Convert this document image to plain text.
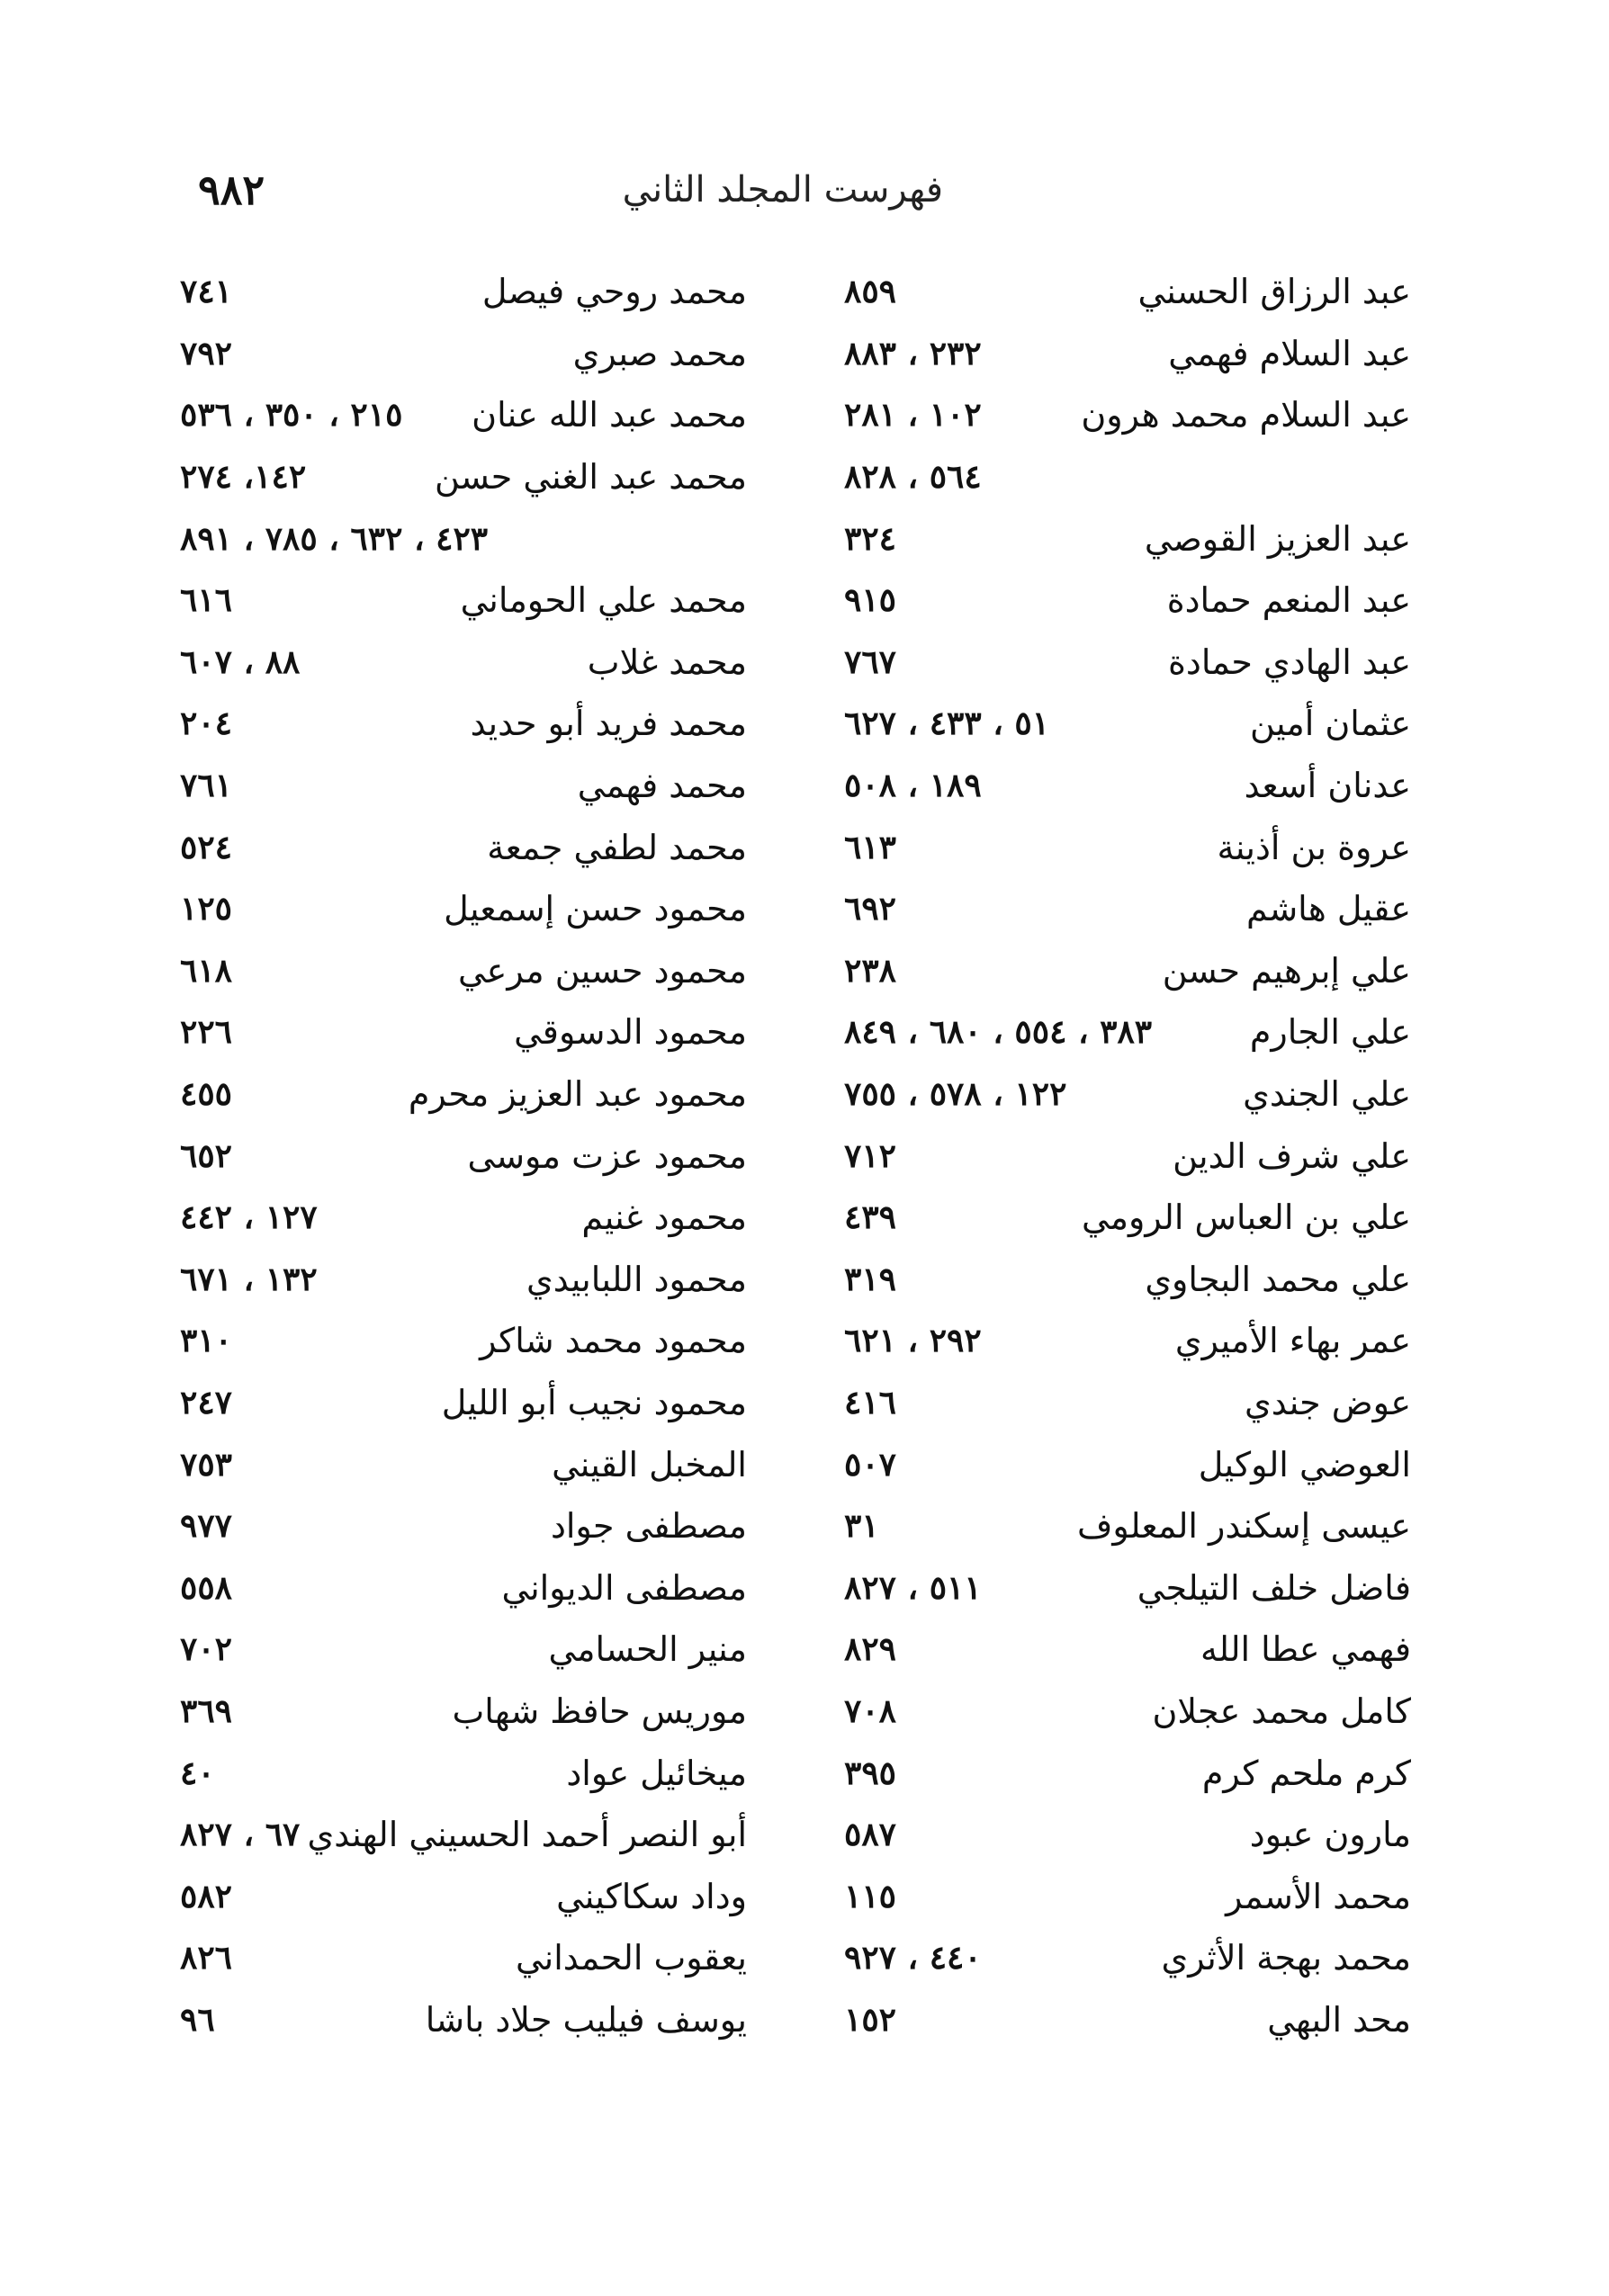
فهرست المجلد الثاني
٩٨٢
عبد الرزاق الحسني
٨٥٩
عبد السلام فهمي
٢٣٢ ، ٨٨٣
عبد السلام محمد هرون
١٠٢ ، ٢٨١
٥٦٤ ، ٨٢٨
عبد العزيز القوصي
٣٢٤
عبد المنعم حمادة
٩١٥
عبد الهادي حمادة
٧٦٧
عثمان أمين
٥١ ، ٤٣٣ ، ٦٢٧
عدنان أسعد
١٨٩ ، ٥٠٨
عروة بن أذينة
٦١٣
عقيل هاشم
٦٩٢
علي إبرهيم حسن
٢٣٨
علي الجارم
٣٨٣ ، ٥٥٤ ، ٦٨٠ ، ٨٤٩
علي الجندي
١٢٢ ، ٥٧٨ ، ٧٥٥
علي شرف الدين
٧١٢
علي بن العباس الرومي
٤٣٩
علي محمد البجاوي
٣١٩
عمر بهاء الأميري
٢٩٢ ، ٦٢١
عوض جندي
٤١٦
العوضي الوكيل
٥٠٧
عيسى إسكندر المعلوف
٣١
فاضل خلف التيلجي
٥١١ ، ٨٢٧
فهمي عطا الله
٨٢٩
كامل محمد عجلان
٧٠٨
كرم ملحم كرم
٣٩٥
مارون عبود
٥٨٧
محمد الأسمر
١١٥
محمد بهجة الأثري
٤٤٠ ، ٩٢٧
محد البهي
١٥٢
محمد روحي فيصل
٧٤١
محمد صبري
٧٩٢
محمد عبد الله عنان
٢١٥ ، ٣٥٠ ، ٥٣٦
محمد عبد الغني حسن
١٤٢، ٢٧٤
٤٢٣ ، ٦٣٢ ، ٧٨٥ ، ٨٩١
محمد علي الحوماني
٦١٦
محمد غلاب
٨٨ ، ٦٠٧
محمد فريد أبو حديد
٢٠٤
محمد فهمي
٧٦١
محمد لطفي جمعة
٥٢٤
محمود حسن إسمعيل
١٢٥
محمود حسين مرعي
٦١٨
محمود الدسوقي
٢٢٦
محمود عبد العزيز محرم
٤٥٥
محمود عزت موسى
٦٥٢
محمود غنيم
١٢٧ ، ٤٤٢
محمود اللبابيدي
١٣٢ ، ٦٧١
محمود محمد شاكر
٣١٠
محمود نجيب أبو الليل
٢٤٧
المخبل القيني
٧٥٣
مصطفى جواد
٩٧٧
مصطفى الديواني
٥٥٨
منير الحسامي
٧٠٢
موريس حافظ شهاب
٣٦٩
ميخائيل عواد
٤٠
أبو النصر أحمد الحسيني الهندي
٦٧ ، ٨٢٧
وداد سكاكيني
٥٨٢
يعقوب الحمداني
٨٢٦
يوسف فيليب جلاد باشا
٩٦
